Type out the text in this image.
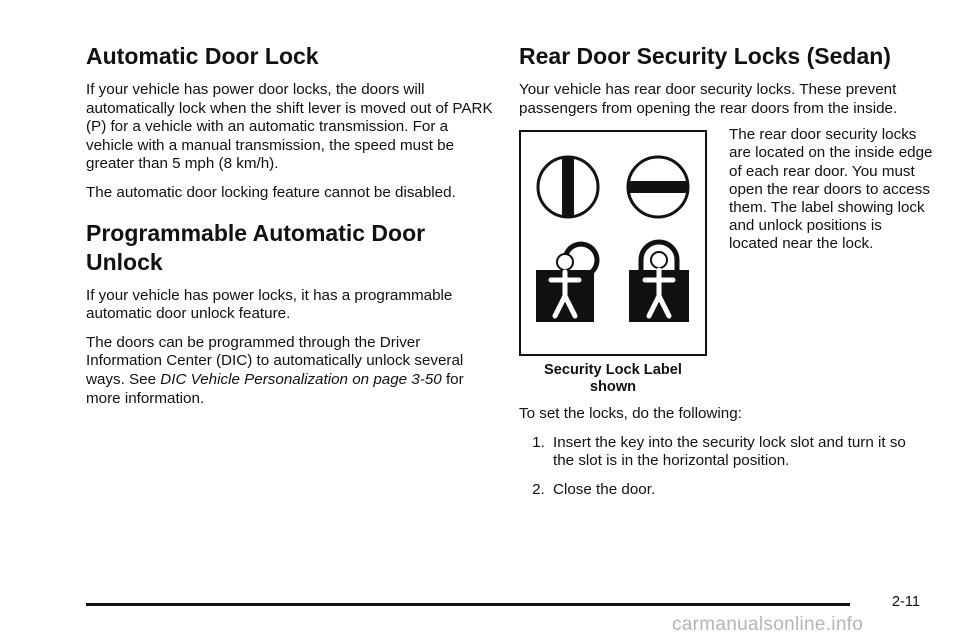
Automatic Door Lock

If your vehicle has power door locks, the doors will automatically lock when the shift lever is moved out of PARK (P) for a vehicle with an automatic transmission. For a vehicle with a manual transmission, the speed must be greater than 5 mph (8 km/h).

The automatic door locking feature cannot be disabled.

Programmable Automatic Door Unlock

If your vehicle has power locks, it has a programmable automatic door unlock feature.

The doors can be programmed through the Driver Information Center (DIC) to automatically unlock several ways. See DIC Vehicle Personalization on page 3-50 for more information.

Rear Door Security Locks (Sedan)

Your vehicle has rear door security locks. These prevent passengers from opening the rear doors from the inside.

Security Lock Label shown
The rear door security locks are located on the inside edge of each rear door. You must open the rear doors to access them. The label showing lock and unlock positions is located near the lock.

To set the locks, do the following:

1. Insert the key into the security lock slot and turn it so the slot is in the horizontal position.
2. Close the door.
2-11
carmanualsonline.info
